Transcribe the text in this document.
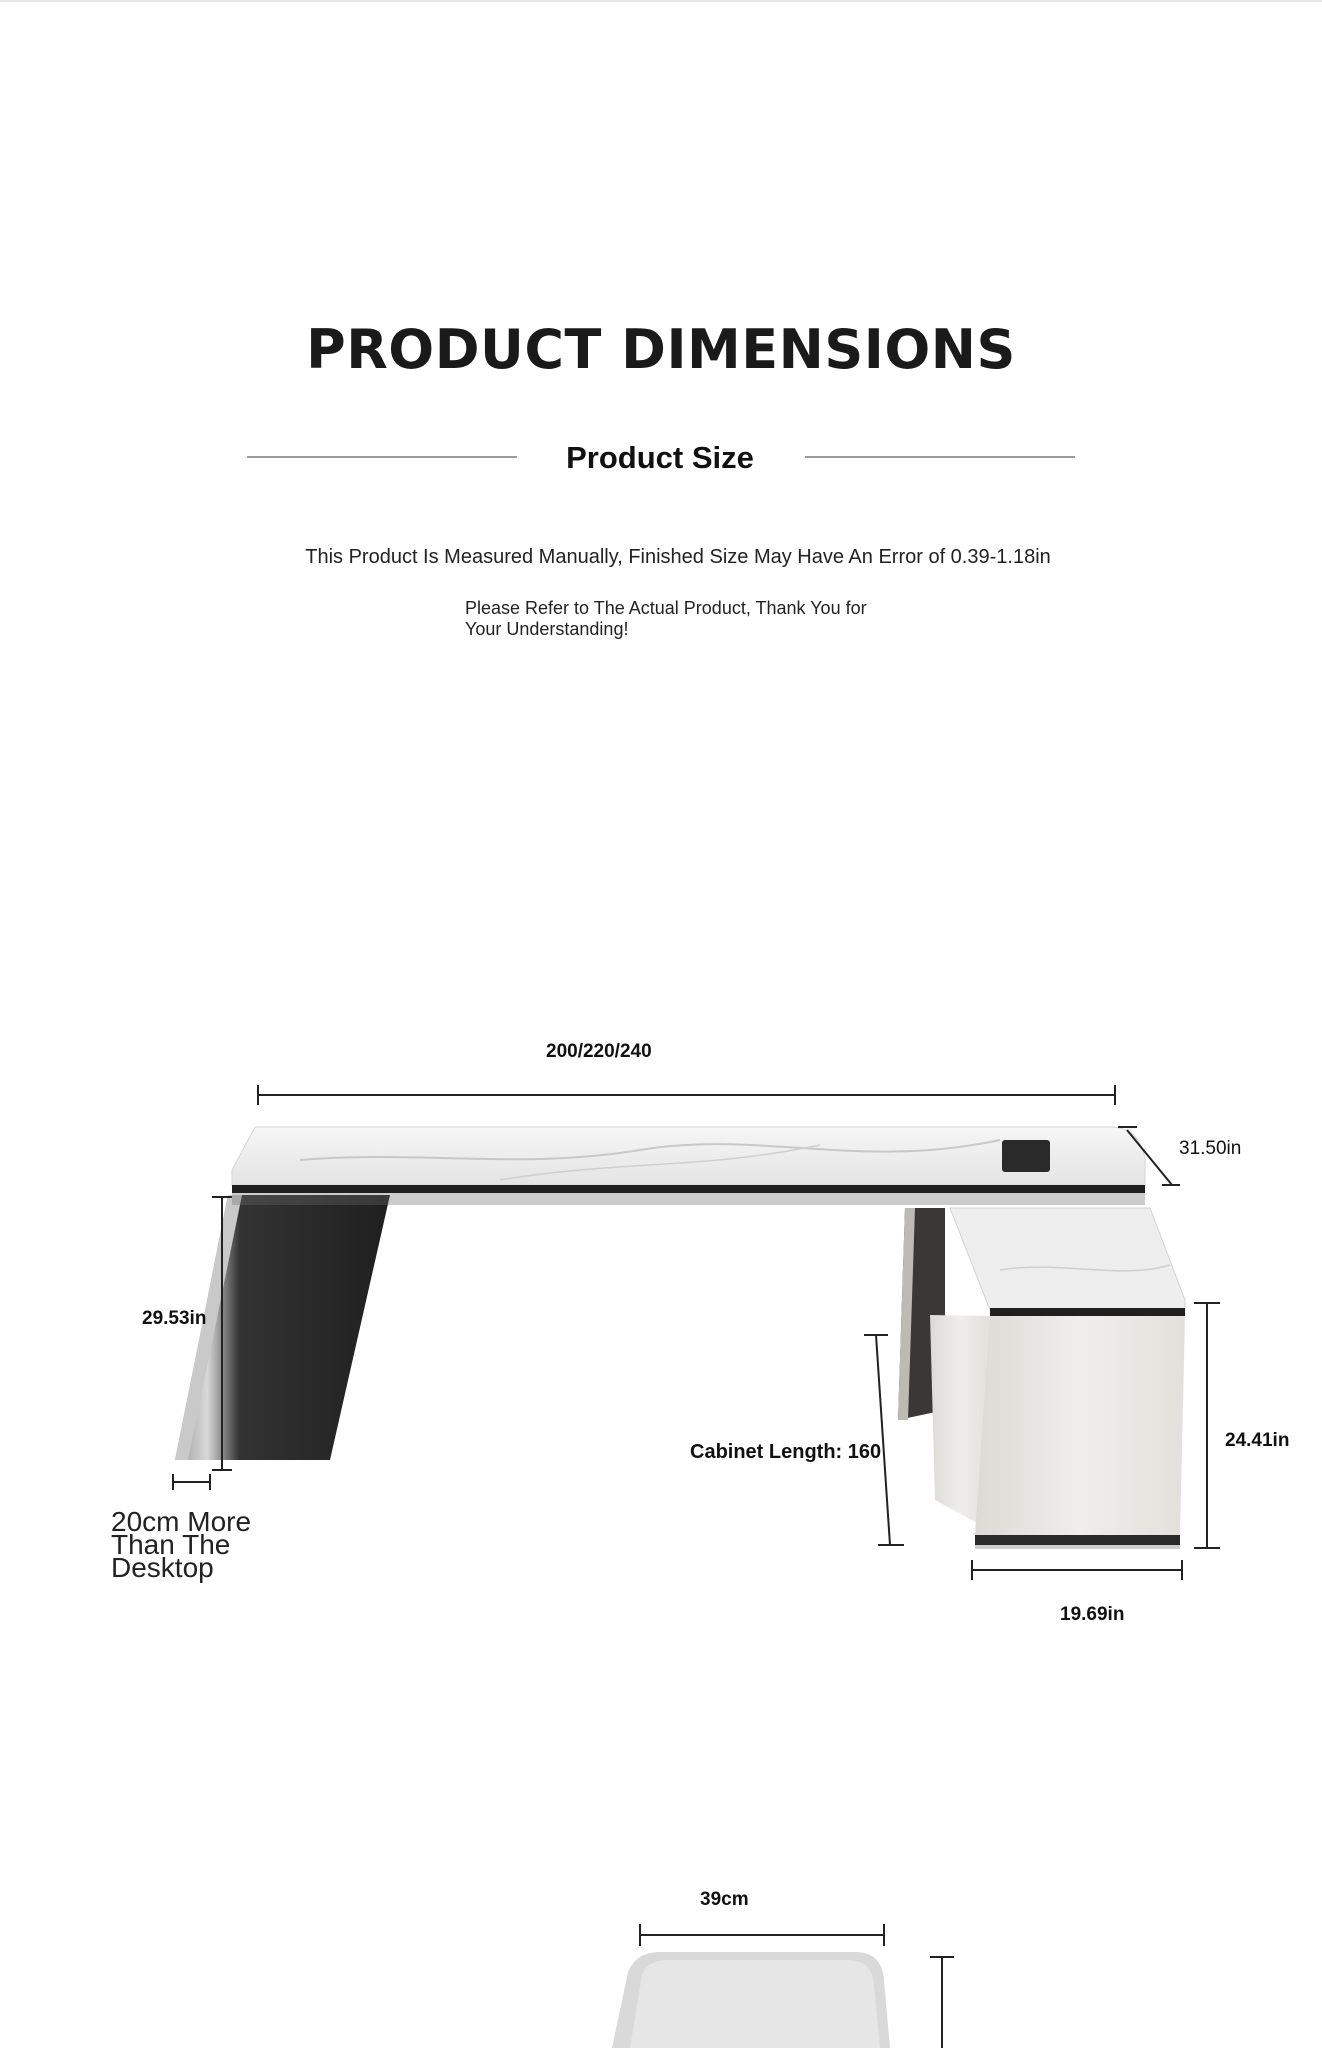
PRODUCT DIMENSIONS
Product Size
This Product Is Measured Manually, Finished Size May Have An Error of 0.39-1.18in
Please Refer to The Actual Product, Thank You for Your Understanding!
200/220/240
31.50in
29.53in
20cm More Than The Desktop
Cabinet Length: 160
24.41in
19.69in
39cm
